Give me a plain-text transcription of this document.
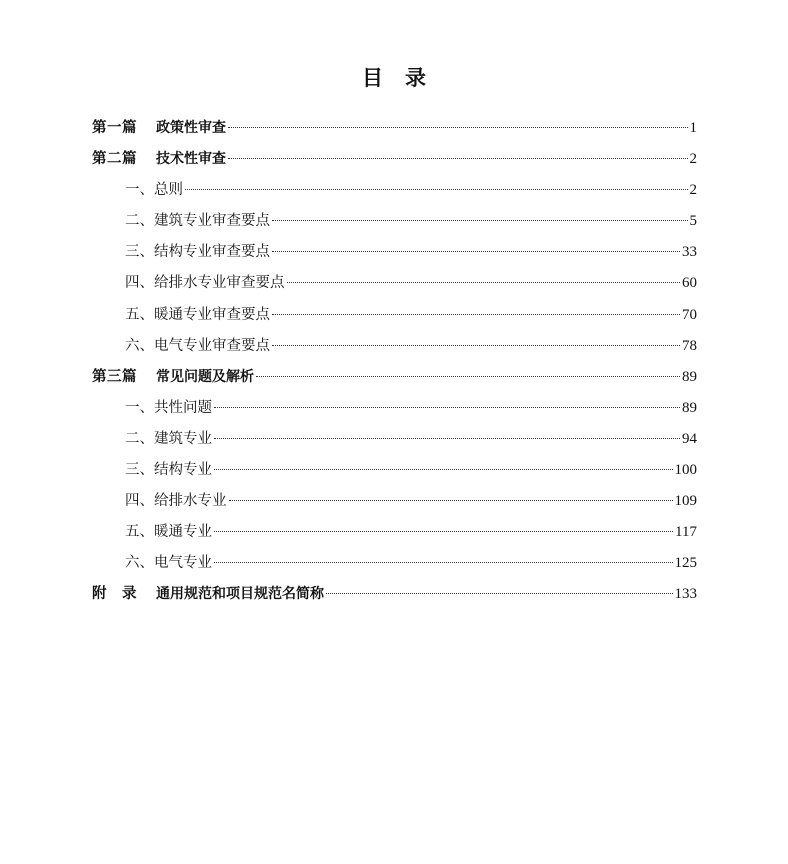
目 录
第一篇	政策性审查	1
第二篇	技术性审查	2
一、总则	2
二、建筑专业审查要点	5
三、结构专业审查要点	33
四、给排水专业审查要点	60
五、暖通专业审查要点	70
六、电气专业审查要点	78
第三篇	常见问题及解析	89
一、共性问题	89
二、建筑专业	94
三、结构专业	100
四、给排水专业	109
五、暖通专业	117
六、电气专业	125
附　录	通用规范和项目规范名简称	133
